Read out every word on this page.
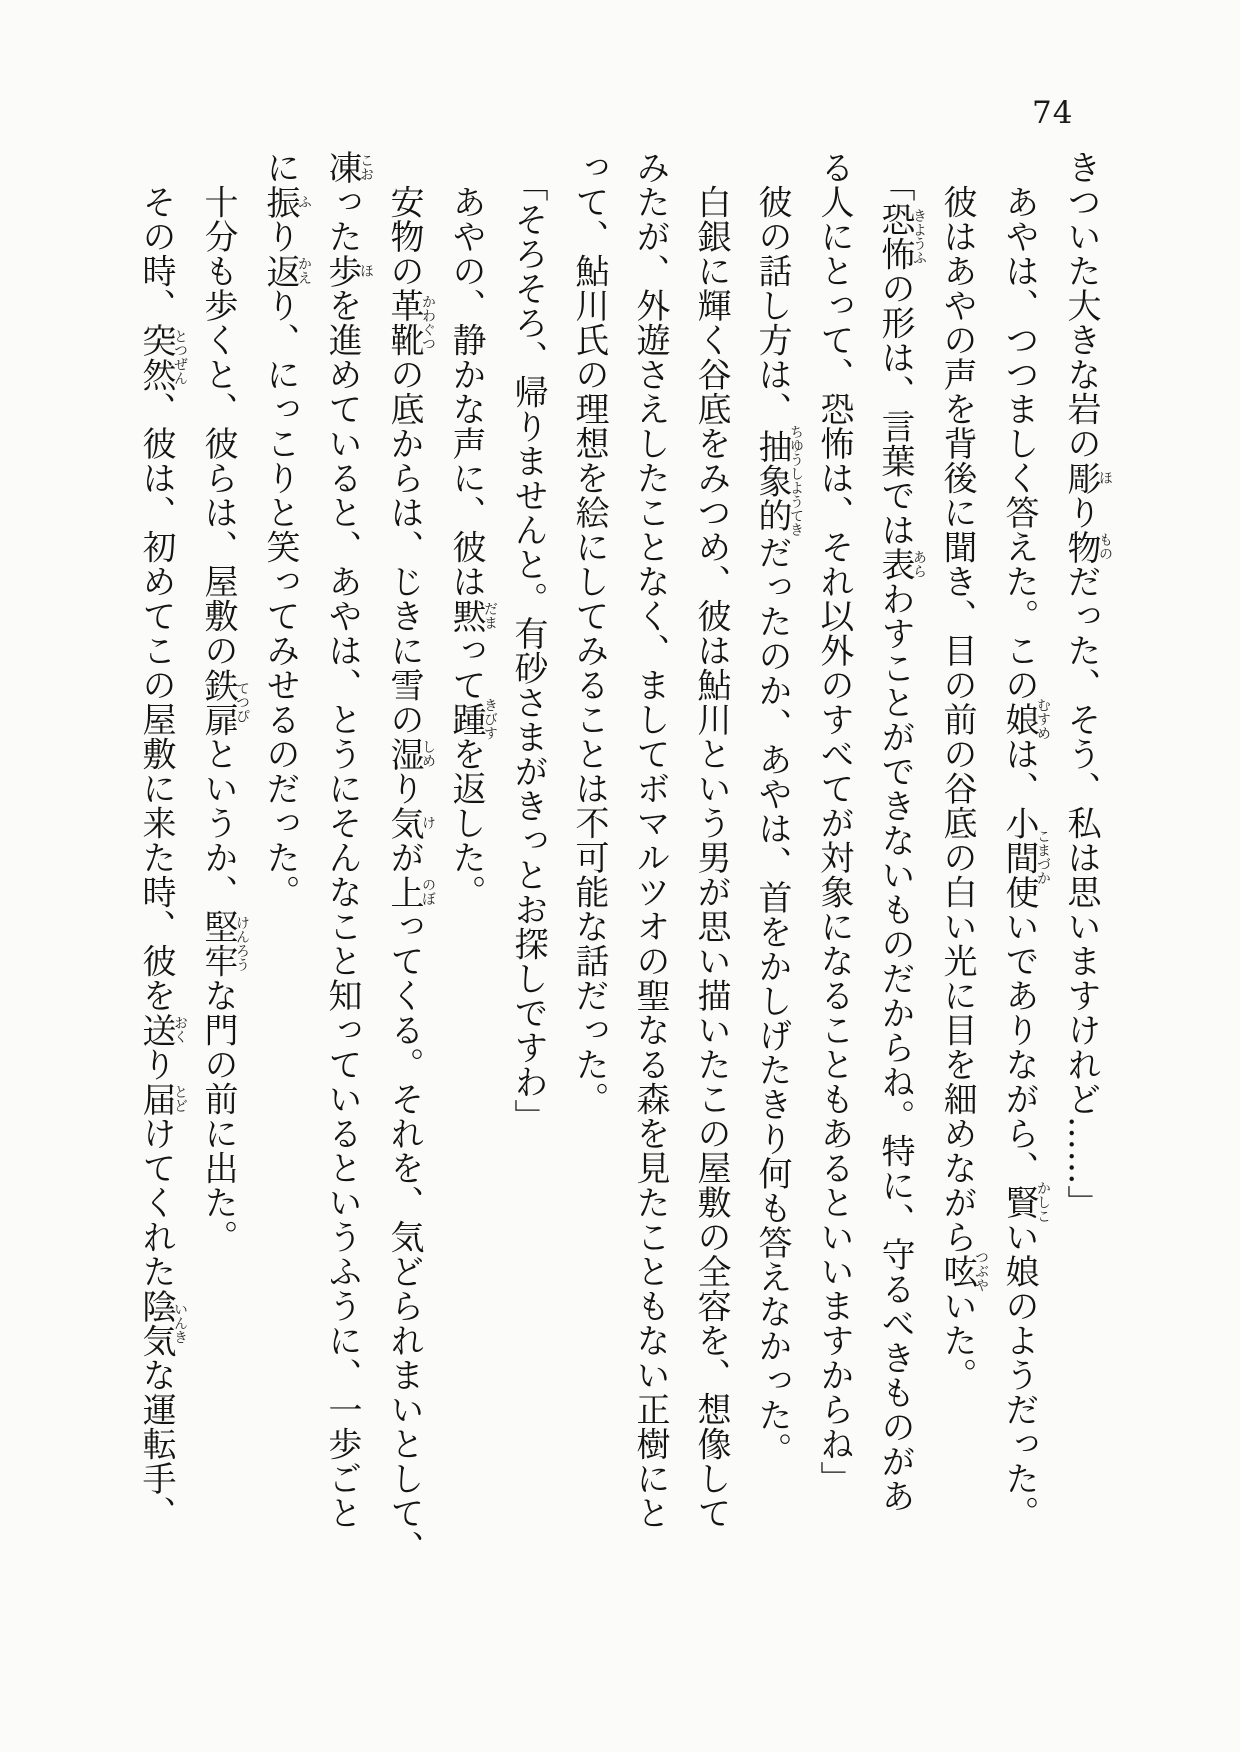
74
きついた大きな岩の彫ほり物ものだった、そう、私は思いますけれど……」
　あやは、つつましく答えた。この娘むすめは、小間使こまづかいでありながら、賢かしこい娘のようだった。
　彼はあやの声を背後に聞き、目の前の谷底の白い光に目を細めながら呟つぶやいた。
　「恐怖きようふの形は、言葉では表あらわすことができないものだからね。特に、守るべきものがあ
る人にとって、恐怖は、それ以外のすべてが対象になることもあるといいますからね」
　彼の話し方は、抽象的ちゆうしようてきだったのか、あやは、首をかしげたきり何も答えなかった。
　白銀に輝く谷底をみつめ、彼は鮎川という男が思い描いたこの屋敷の全容を、想像して
みたが、外遊さえしたことなく、ましてボマルツオの聖なる森を見たこともない正樹にと
って、鮎川氏の理想を絵にしてみることは不可能な話だった。
　「そろそろ、帰りませんと。有砂さまがきっとお探しですわ」
　あやの、静かな声に、彼は黙だまって踵きびすを返した。
　安物の革靴かわぐつの底からは、じきに雪の湿しめり気けが上のぼってくる。それを、気どられまいとして、
凍こおった歩ほを進めていると、あやは、とうにそんなこと知っているというふうに、一歩ごと
に振ふり返かえり、にっこりと笑ってみせるのだった。
　十分も歩くと、彼らは、屋敷の鉄扉てつぴというか、堅牢けんろうな門の前に出た。
　その時、突然とつぜん、彼は、初めてこの屋敷に来た時、彼を送おくり届とどけてくれた陰気いんきな運転手、
